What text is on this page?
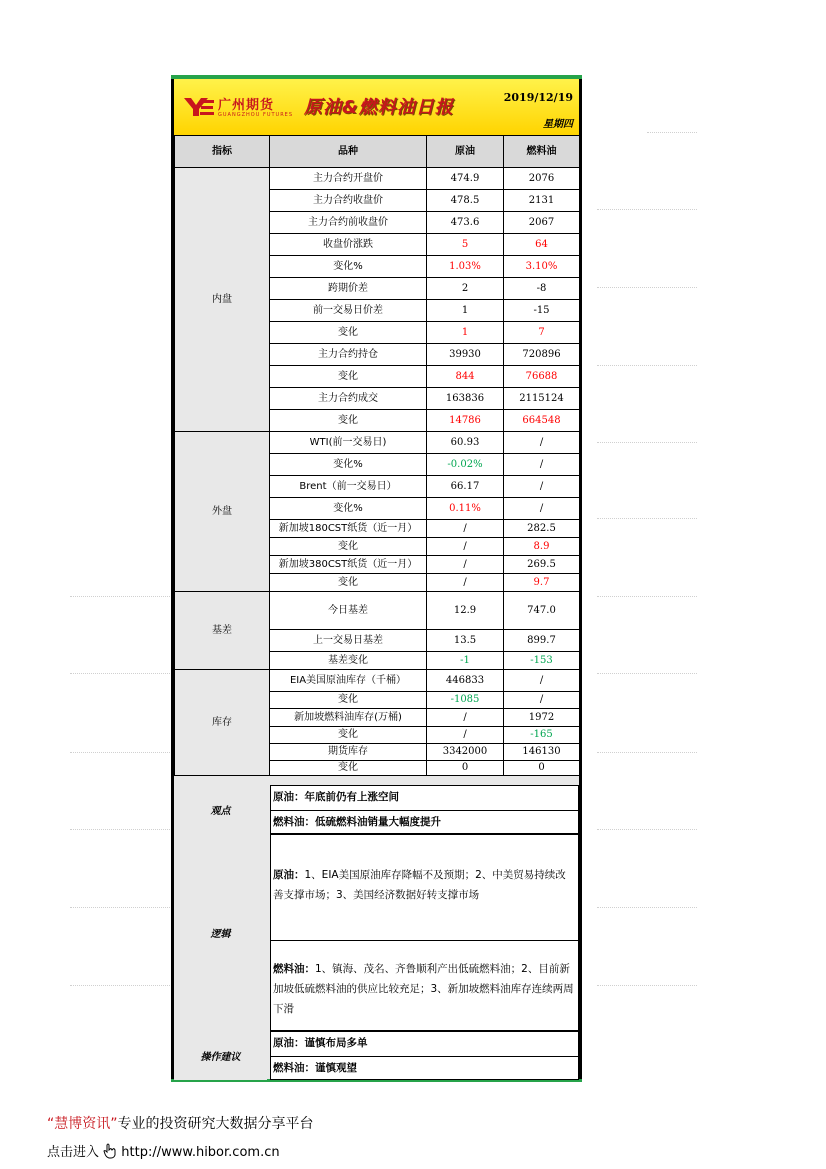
广州期货
GUANGZHOU FUTURES 原油&燃料油日报	2019/12/19
星期四
指标	品种	原油	燃料油
内盘	主力合约开盘价	474.9	2076
	主力合约收盘价	478.5	2131
	主力合约前收盘价	473.6	2067
	收盘价涨跌	5	64
	变化%	1.03%	3.10%
	跨期价差	2	-8
	前一交易日价差	1	-15
	变化	1	7
	主力合约持仓	39930	720896
	变化	844	76688
	主力合约成交	163836	2115124
	变化	14786	664548
外盘	WTI(前一交易日)	60.93	/
	变化%	-0.02%	/
	Brent（前一交易日）	66.17	/
	变化%	0.11%	/
	新加坡180CST纸货（近一月）	/	282.5
	变化	/	8.9
	新加坡380CST纸货（近一月）	/	269.5
	变化	/	9.7
基差	今日基差	12.9	747.0
	上一交易日基差	13.5	899.7
	基差变化	-1	-153
库存	EIA美国原油库存（千桶）	446833	/
	变化	-1085	/
	新加坡燃料油库存(万桶)	/	1972
	变化	/	-165
	期货库存	3342000	146130
	变化	0	0
观点
原油：年底前仍有上涨空间
燃料油：低硫燃料油销量大幅度提升
逻辑
原油：1、EIA美国原油库存降幅不及预期；2、中美贸易持续改善支撑市场；3、美国经济数据好转支撑市场
燃料油：1、镇海、茂名、齐鲁顺利产出低硫燃料油；2、目前新加坡低硫燃料油的供应比较充足；3、新加坡燃料油库存连续两周下滑
操作建议
原油：谨慎布局多单
燃料油：谨慎观望
“慧博资讯”专业的投资研究大数据分享平台
点击进入 http://www.hibor.com.cn
